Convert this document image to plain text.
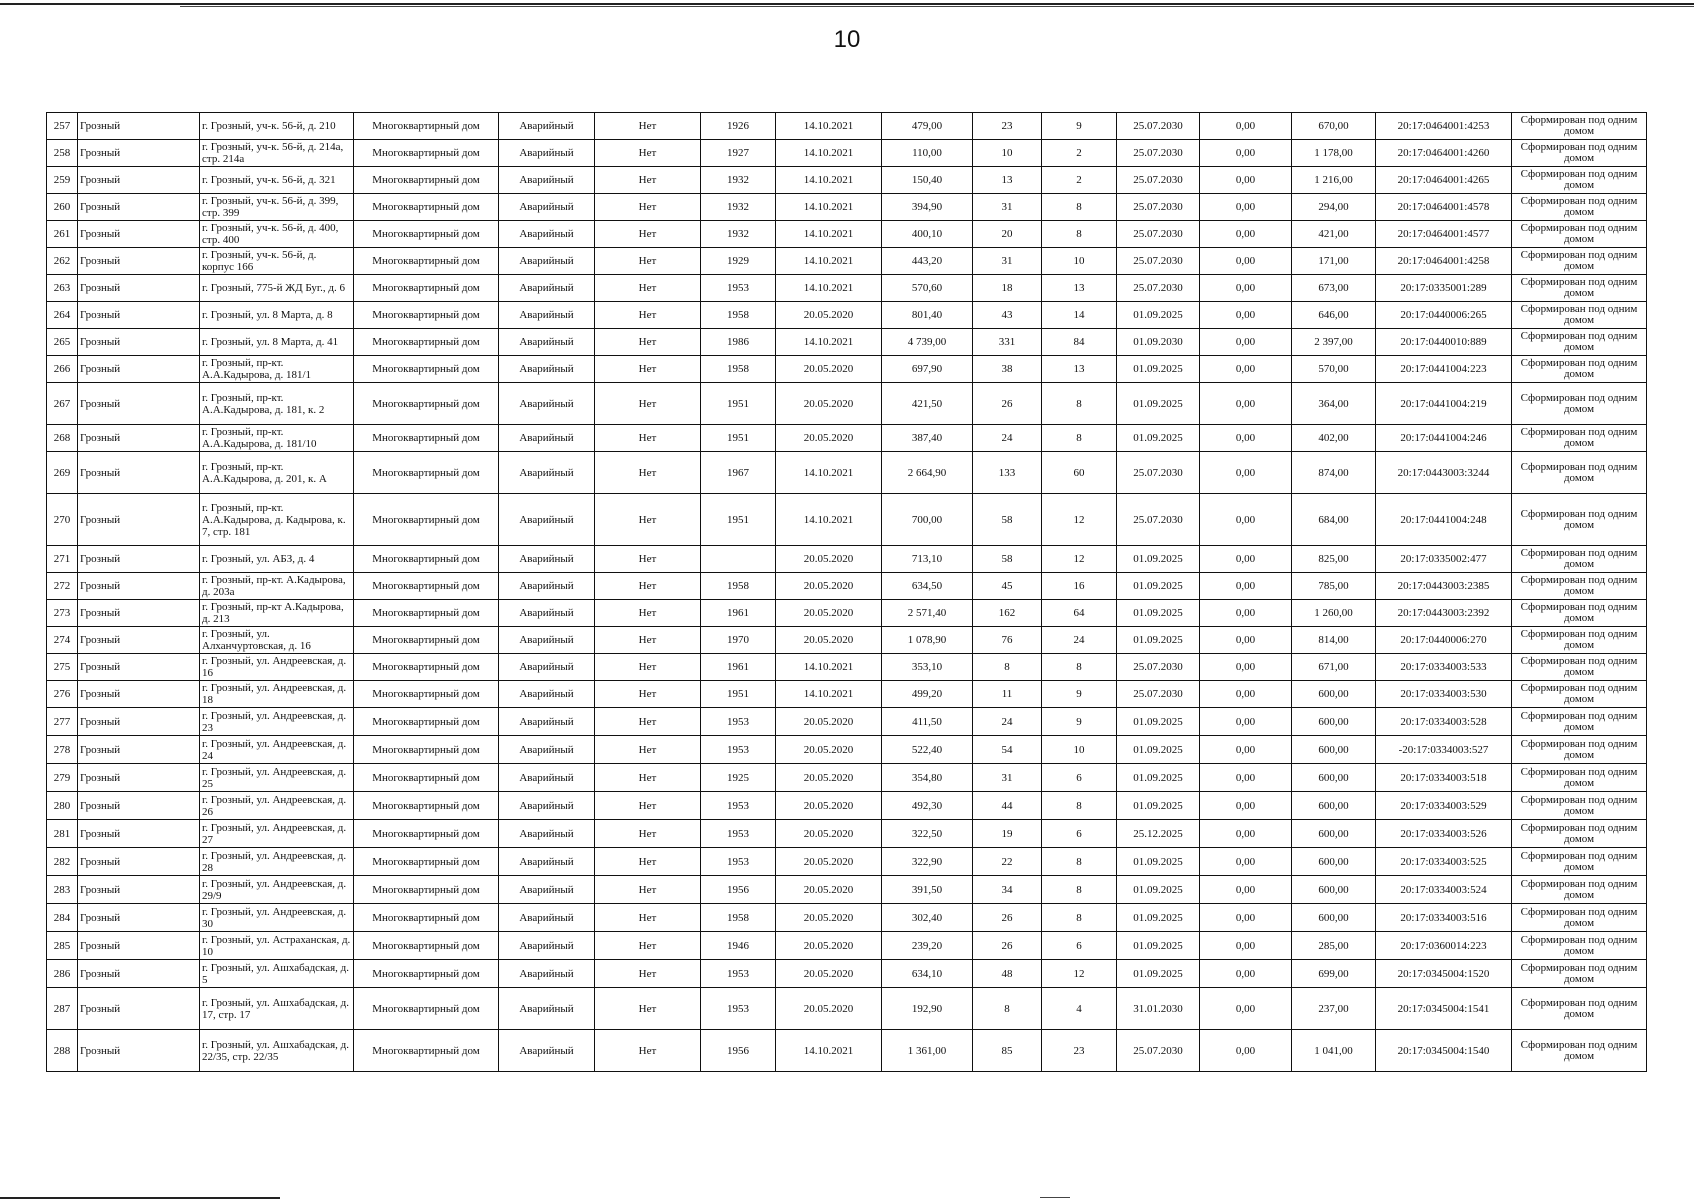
10
257	Грозный	г. Грозный, уч-к. 56-й, д. 210	Многоквартирный дом	Аварийный	Нет	1926	14.10.2021	479,00	23	9	25.07.2030	0,00	670,00	20:17:0464001:4253	Сформирован под одним домом
258	Грозный	г. Грозный, уч-к. 56-й, д. 214а, стр. 214а	Многоквартирный дом	Аварийный	Нет	1927	14.10.2021	110,00	10	2	25.07.2030	0,00	1 178,00	20:17:0464001:4260	Сформирован под одним домом
259	Грозный	г. Грозный, уч-к. 56-й, д. 321	Многоквартирный дом	Аварийный	Нет	1932	14.10.2021	150,40	13	2	25.07.2030	0,00	1 216,00	20:17:0464001:4265	Сформирован под одним домом
260	Грозный	г. Грозный, уч-к. 56-й, д. 399, стр. 399	Многоквартирный дом	Аварийный	Нет	1932	14.10.2021	394,90	31	8	25.07.2030	0,00	294,00	20:17:0464001:4578	Сформирован под одним домом
261	Грозный	г. Грозный, уч-к. 56-й, д. 400, стр. 400	Многоквартирный дом	Аварийный	Нет	1932	14.10.2021	400,10	20	8	25.07.2030	0,00	421,00	20:17:0464001:4577	Сформирован под одним домом
262	Грозный	г. Грозный, уч-к. 56-й, д. корпус 166	Многоквартирный дом	Аварийный	Нет	1929	14.10.2021	443,20	31	10	25.07.2030	0,00	171,00	20:17:0464001:4258	Сформирован под одним домом
263	Грозный	г. Грозный, 775-й ЖД Буг., д. 6	Многоквартирный дом	Аварийный	Нет	1953	14.10.2021	570,60	18	13	25.07.2030	0,00	673,00	20:17:0335001:289	Сформирован под одним домом
264	Грозный	г. Грозный, ул. 8 Марта, д. 8	Многоквартирный дом	Аварийный	Нет	1958	20.05.2020	801,40	43	14	01.09.2025	0,00	646,00	20:17:0440006:265	Сформирован под одним домом
265	Грозный	г. Грозный, ул. 8 Марта, д. 41	Многоквартирный дом	Аварийный	Нет	1986	14.10.2021	4 739,00	331	84	01.09.2030	0,00	2 397,00	20:17:0440010:889	Сформирован под одним домом
266	Грозный	г. Грозный, пр-кт. А.А.Кадырова, д. 181/1	Многоквартирный дом	Аварийный	Нет	1958	20.05.2020	697,90	38	13	01.09.2025	0,00	570,00	20:17:0441004:223	Сформирован под одним домом
267	Грозный	г. Грозный, пр-кт. А.А.Кадырова, д. 181, к. 2	Многоквартирный дом	Аварийный	Нет	1951	20.05.2020	421,50	26	8	01.09.2025	0,00	364,00	20:17:0441004:219	Сформирован под одним домом
268	Грозный	г. Грозный, пр-кт. А.А.Кадырова, д. 181/10	Многоквартирный дом	Аварийный	Нет	1951	20.05.2020	387,40	24	8	01.09.2025	0,00	402,00	20:17:0441004:246	Сформирован под одним домом
269	Грозный	г. Грозный, пр-кт. А.А.Кадырова, д. 201, к. А	Многоквартирный дом	Аварийный	Нет	1967	14.10.2021	2 664,90	133	60	25.07.2030	0,00	874,00	20:17:0443003:3244	Сформирован под одним домом
270	Грозный	г. Грозный, пр-кт. А.А.Кадырова, д. Кадырова, к. 7, стр. 181	Многоквартирный дом	Аварийный	Нет	1951	14.10.2021	700,00	58	12	25.07.2030	0,00	684,00	20:17:0441004:248	Сформирован под одним домом
271	Грозный	г. Грозный, ул. АБЗ, д. 4	Многоквартирный дом	Аварийный	Нет		20.05.2020	713,10	58	12	01.09.2025	0,00	825,00	20:17:0335002:477	Сформирован под одним домом
272	Грозный	г. Грозный, пр-кт. А.Кадырова, д. 203а	Многоквартирный дом	Аварийный	Нет	1958	20.05.2020	634,50	45	16	01.09.2025	0,00	785,00	20:17:0443003:2385	Сформирован под одним домом
273	Грозный	г. Грозный, пр-кт А.Кадырова, д. 213	Многоквартирный дом	Аварийный	Нет	1961	20.05.2020	2 571,40	162	64	01.09.2025	0,00	1 260,00	20:17:0443003:2392	Сформирован под одним домом
274	Грозный	г. Грозный, ул. Алханчуртовская, д. 16	Многоквартирный дом	Аварийный	Нет	1970	20.05.2020	1 078,90	76	24	01.09.2025	0,00	814,00	20:17:0440006:270	Сформирован под одним домом
275	Грозный	г. Грозный, ул. Андреевская, д. 16	Многоквартирный дом	Аварийный	Нет	1961	14.10.2021	353,10	8	8	25.07.2030	0,00	671,00	20:17:0334003:533	Сформирован под одним домом
276	Грозный	г. Грозный, ул. Андреевская, д. 18	Многоквартирный дом	Аварийный	Нет	1951	14.10.2021	499,20	11	9	25.07.2030	0,00	600,00	20:17:0334003:530	Сформирован под одним домом
277	Грозный	г. Грозный, ул. Андреевская, д. 23	Многоквартирный дом	Аварийный	Нет	1953	20.05.2020	411,50	24	9	01.09.2025	0,00	600,00	20:17:0334003:528	Сформирован под одним домом
278	Грозный	г. Грозный, ул. Андреевская, д. 24	Многоквартирный дом	Аварийный	Нет	1953	20.05.2020	522,40	54	10	01.09.2025	0,00	600,00	-20:17:0334003:527	Сформирован под одним домом
279	Грозный	г. Грозный, ул. Андреевская, д. 25	Многоквартирный дом	Аварийный	Нет	1925	20.05.2020	354,80	31	6	01.09.2025	0,00	600,00	20:17:0334003:518	Сформирован под одним домом
280	Грозный	г. Грозный, ул. Андреевская, д. 26	Многоквартирный дом	Аварийный	Нет	1953	20.05.2020	492,30	44	8	01.09.2025	0,00	600,00	20:17:0334003:529	Сформирован под одним домом
281	Грозный	г. Грозный, ул. Андреевская, д. 27	Многоквартирный дом	Аварийный	Нет	1953	20.05.2020	322,50	19	6	25.12.2025	0,00	600,00	20:17:0334003:526	Сформирован под одним домом
282	Грозный	г. Грозный, ул. Андреевская, д. 28	Многоквартирный дом	Аварийный	Нет	1953	20.05.2020	322,90	22	8	01.09.2025	0,00	600,00	20:17:0334003:525	Сформирован под одним домом
283	Грозный	г. Грозный, ул. Андреевская, д. 29/9	Многоквартирный дом	Аварийный	Нет	1956	20.05.2020	391,50	34	8	01.09.2025	0,00	600,00	20:17:0334003:524	Сформирован под одним домом
284	Грозный	г. Грозный, ул. Андреевская, д. 30	Многоквартирный дом	Аварийный	Нет	1958	20.05.2020	302,40	26	8	01.09.2025	0,00	600,00	20:17:0334003:516	Сформирован под одним домом
285	Грозный	г. Грозный, ул. Астраханская, д. 10	Многоквартирный дом	Аварийный	Нет	1946	20.05.2020	239,20	26	6	01.09.2025	0,00	285,00	20:17:0360014:223	Сформирован под одним домом
286	Грозный	г. Грозный, ул. Ашхабадская, д. 5	Многоквартирный дом	Аварийный	Нет	1953	20.05.2020	634,10	48	12	01.09.2025	0,00	699,00	20:17:0345004:1520	Сформирован под одним домом
287	Грозный	г. Грозный, ул. Ашхабадская, д. 17, стр. 17	Многоквартирный дом	Аварийный	Нет	1953	20.05.2020	192,90	8	4	31.01.2030	0,00	237,00	20:17:0345004:1541	Сформирован под одним домом
288	Грозный	г. Грозный, ул. Ашхабадская, д. 22/35, стр. 22/35	Многоквартирный дом	Аварийный	Нет	1956	14.10.2021	1 361,00	85	23	25.07.2030	0,00	1 041,00	20:17:0345004:1540	Сформирован под одним домом
